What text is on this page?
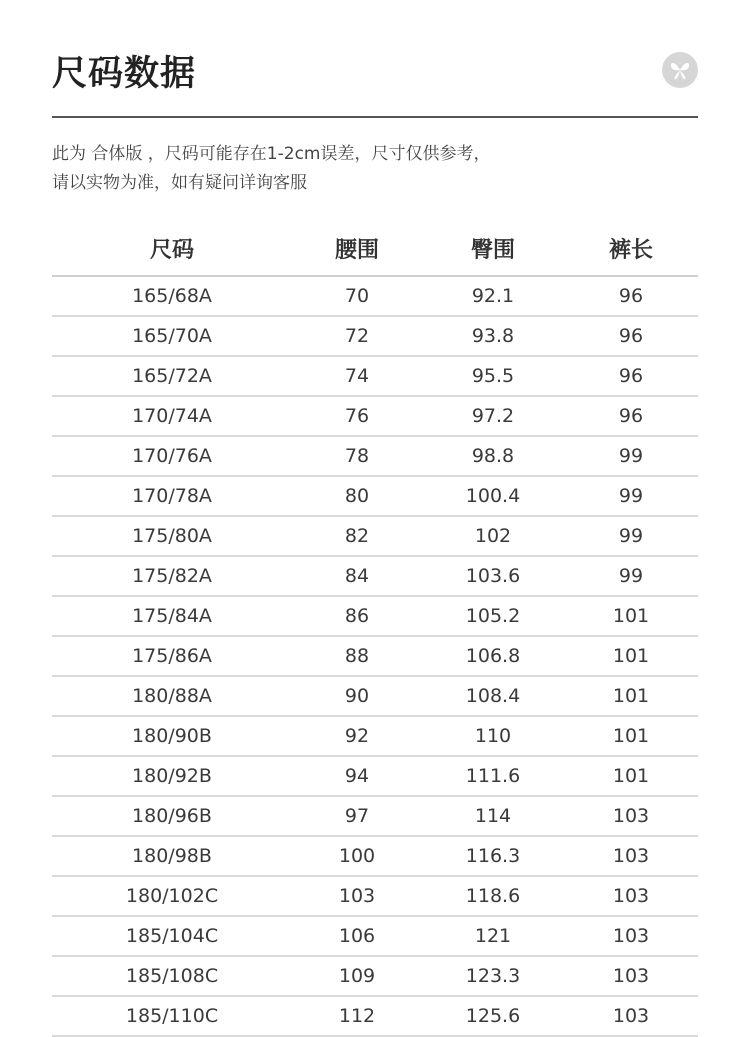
尺码数据

此为 合体版 ，尺码可能存在1-2cm误差，尺寸仅供参考，

请以实物为准，如有疑问详询客服

尺码	腰围	臀围	裤长
165/68A	70	92.1	96
165/70A	72	93.8	96
165/72A	74	95.5	96
170/74A	76	97.2	96
170/76A	78	98.8	99
170/78A	80	100.4	99
175/80A	82	102	99
175/82A	84	103.6	99
175/84A	86	105.2	101
175/86A	88	106.8	101
180/88A	90	108.4	101
180/90B	92	110	101
180/92B	94	111.6	101
180/96B	97	114	103
180/98B	100	116.3	103
180/102C	103	118.6	103
185/104C	106	121	103
185/108C	109	123.3	103
185/110C	112	125.6	103
